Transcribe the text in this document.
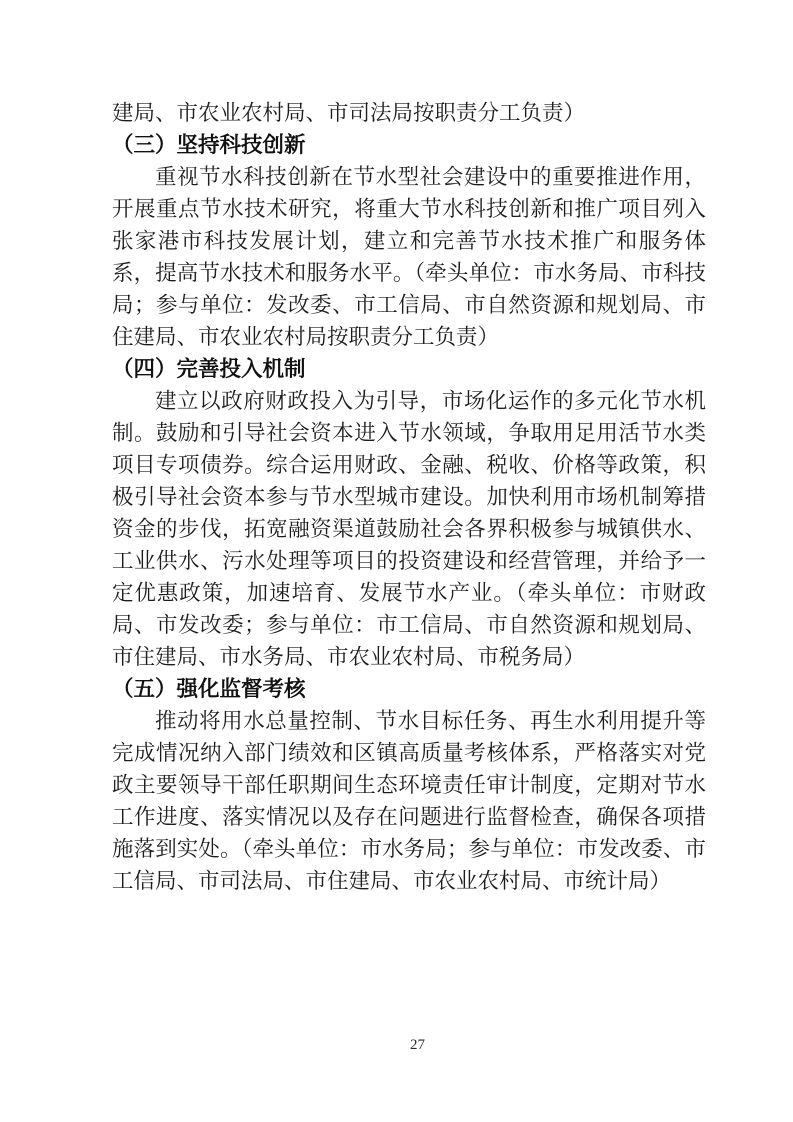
建局、市农业农村局、市司法局按职责分工负责）
（三）坚持科技创新
重视节水科技创新在节水型社会建设中的重要推进作用，开展重点节水技术研究，将重大节水科技创新和推广项目列入张家港市科技发展计划，建立和完善节水技术推广和服务体系，提高节水技术和服务水平。（牵头单位：市水务局、市科技局；参与单位：发改委、市工信局、市自然资源和规划局、市住建局、市农业农村局按职责分工负责）
（四）完善投入机制
建立以政府财政投入为引导，市场化运作的多元化节水机制。鼓励和引导社会资本进入节水领域，争取用足用活节水类项目专项债券。综合运用财政、金融、税收、价格等政策，积极引导社会资本参与节水型城市建设。加快利用市场机制筹措资金的步伐，拓宽融资渠道鼓励社会各界积极参与城镇供水、工业供水、污水处理等项目的投资建设和经营管理，并给予一定优惠政策，加速培育、发展节水产业。（牵头单位：市财政局、市发改委；参与单位：市工信局、市自然资源和规划局、市住建局、市水务局、市农业农村局、市税务局）
（五）强化监督考核
推动将用水总量控制、节水目标任务、再生水利用提升等完成情况纳入部门绩效和区镇高质量考核体系，严格落实对党政主要领导干部任职期间生态环境责任审计制度，定期对节水工作进度、落实情况以及存在问题进行监督检查，确保各项措施落到实处。（牵头单位：市水务局；参与单位：市发改委、市工信局、市司法局、市住建局、市农业农村局、市统计局）
27
